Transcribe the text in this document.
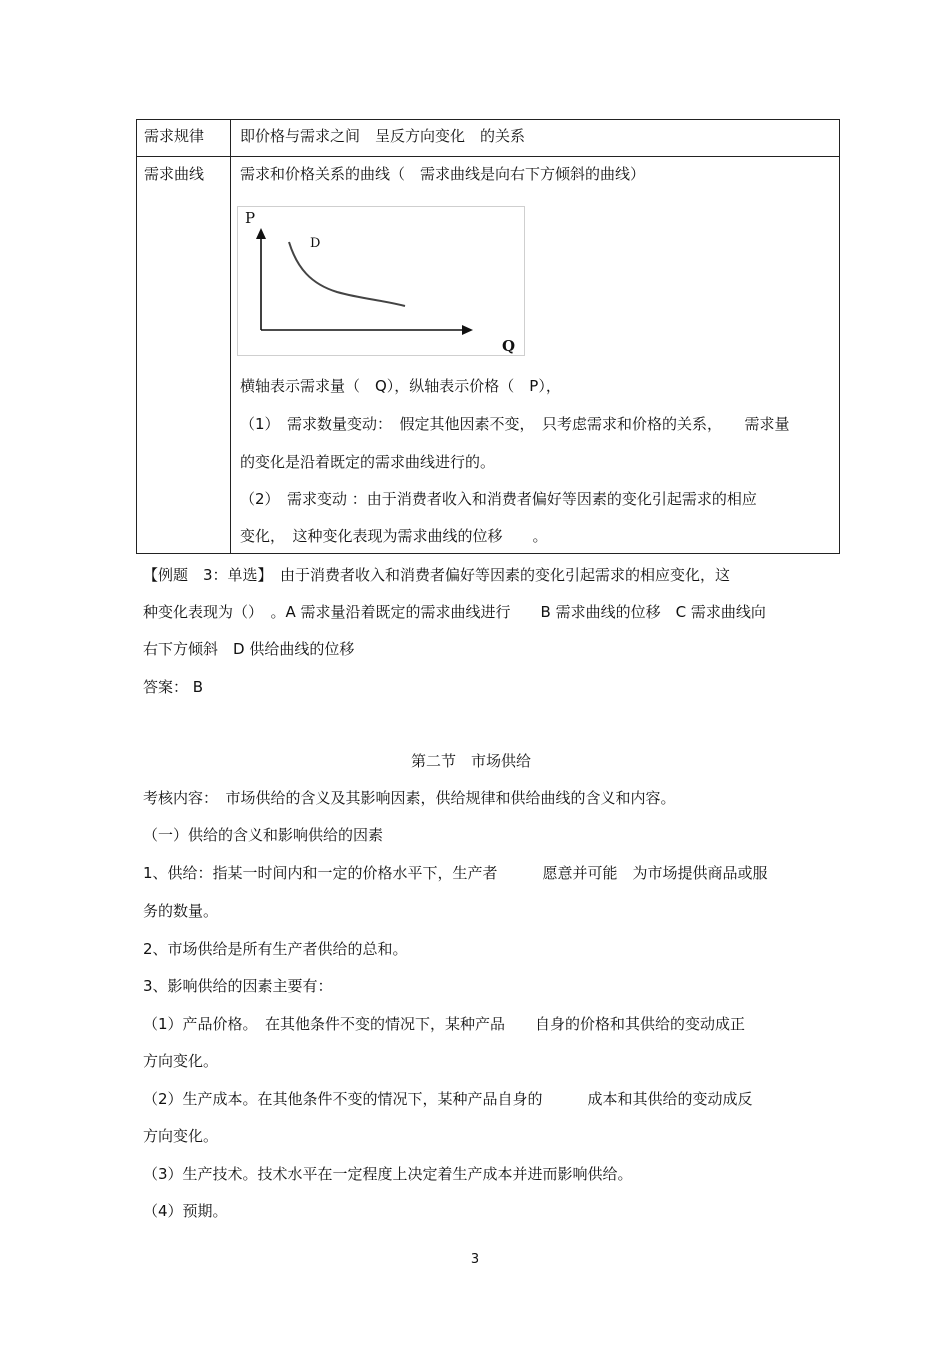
需求规律 即价格与需求之间　呈反方向变化　的关系
需求曲线 需求和价格关系的曲线（　需求曲线是向右下方倾斜的曲线）
P
D
Q
横轴表示需求量（　Q），纵轴表示价格（　P），
（1）　需求数量变动：　假定其他因素不变，　只考虑需求和价格的关系，　　需求量
的变化是沿着既定的需求曲线进行的。
（2）　需求变动 ：由于消费者收入和消费者偏好等因素的变化引起需求的相应
变化，　这种变化表现为需求曲线的位移　　。
【例题　3：单选】　由于消费者收入和消费者偏好等因素的变化引起需求的相应变化，这
种变化表现为（）　。A 需求量沿着既定的需求曲线进行　　B 需求曲线的位移　C 需求曲线向
右下方倾斜　D 供给曲线的位移
答案： B
第二节　市场供给
考核内容：　市场供给的含义及其影响因素，供给规律和供给曲线的含义和内容。
（一）供给的含义和影响供给的因素
1、供给：指某一时间内和一定的价格水平下，生产者　　　愿意并可能　为市场提供商品或服
务的数量。
2、市场供给是所有生产者供给的总和。
3、影响供给的因素主要有：
（1）产品价格。　在其他条件不变的情况下，某种产品　　自身的价格和其供给的变动成正
方向变化。
（2）生产成本。在其他条件不变的情况下，某种产品自身的　　　成本和其供给的变动成反
方向变化。
（3）生产技术。技术水平在一定程度上决定着生产成本并进而影响供给。
（4）预期。
3
